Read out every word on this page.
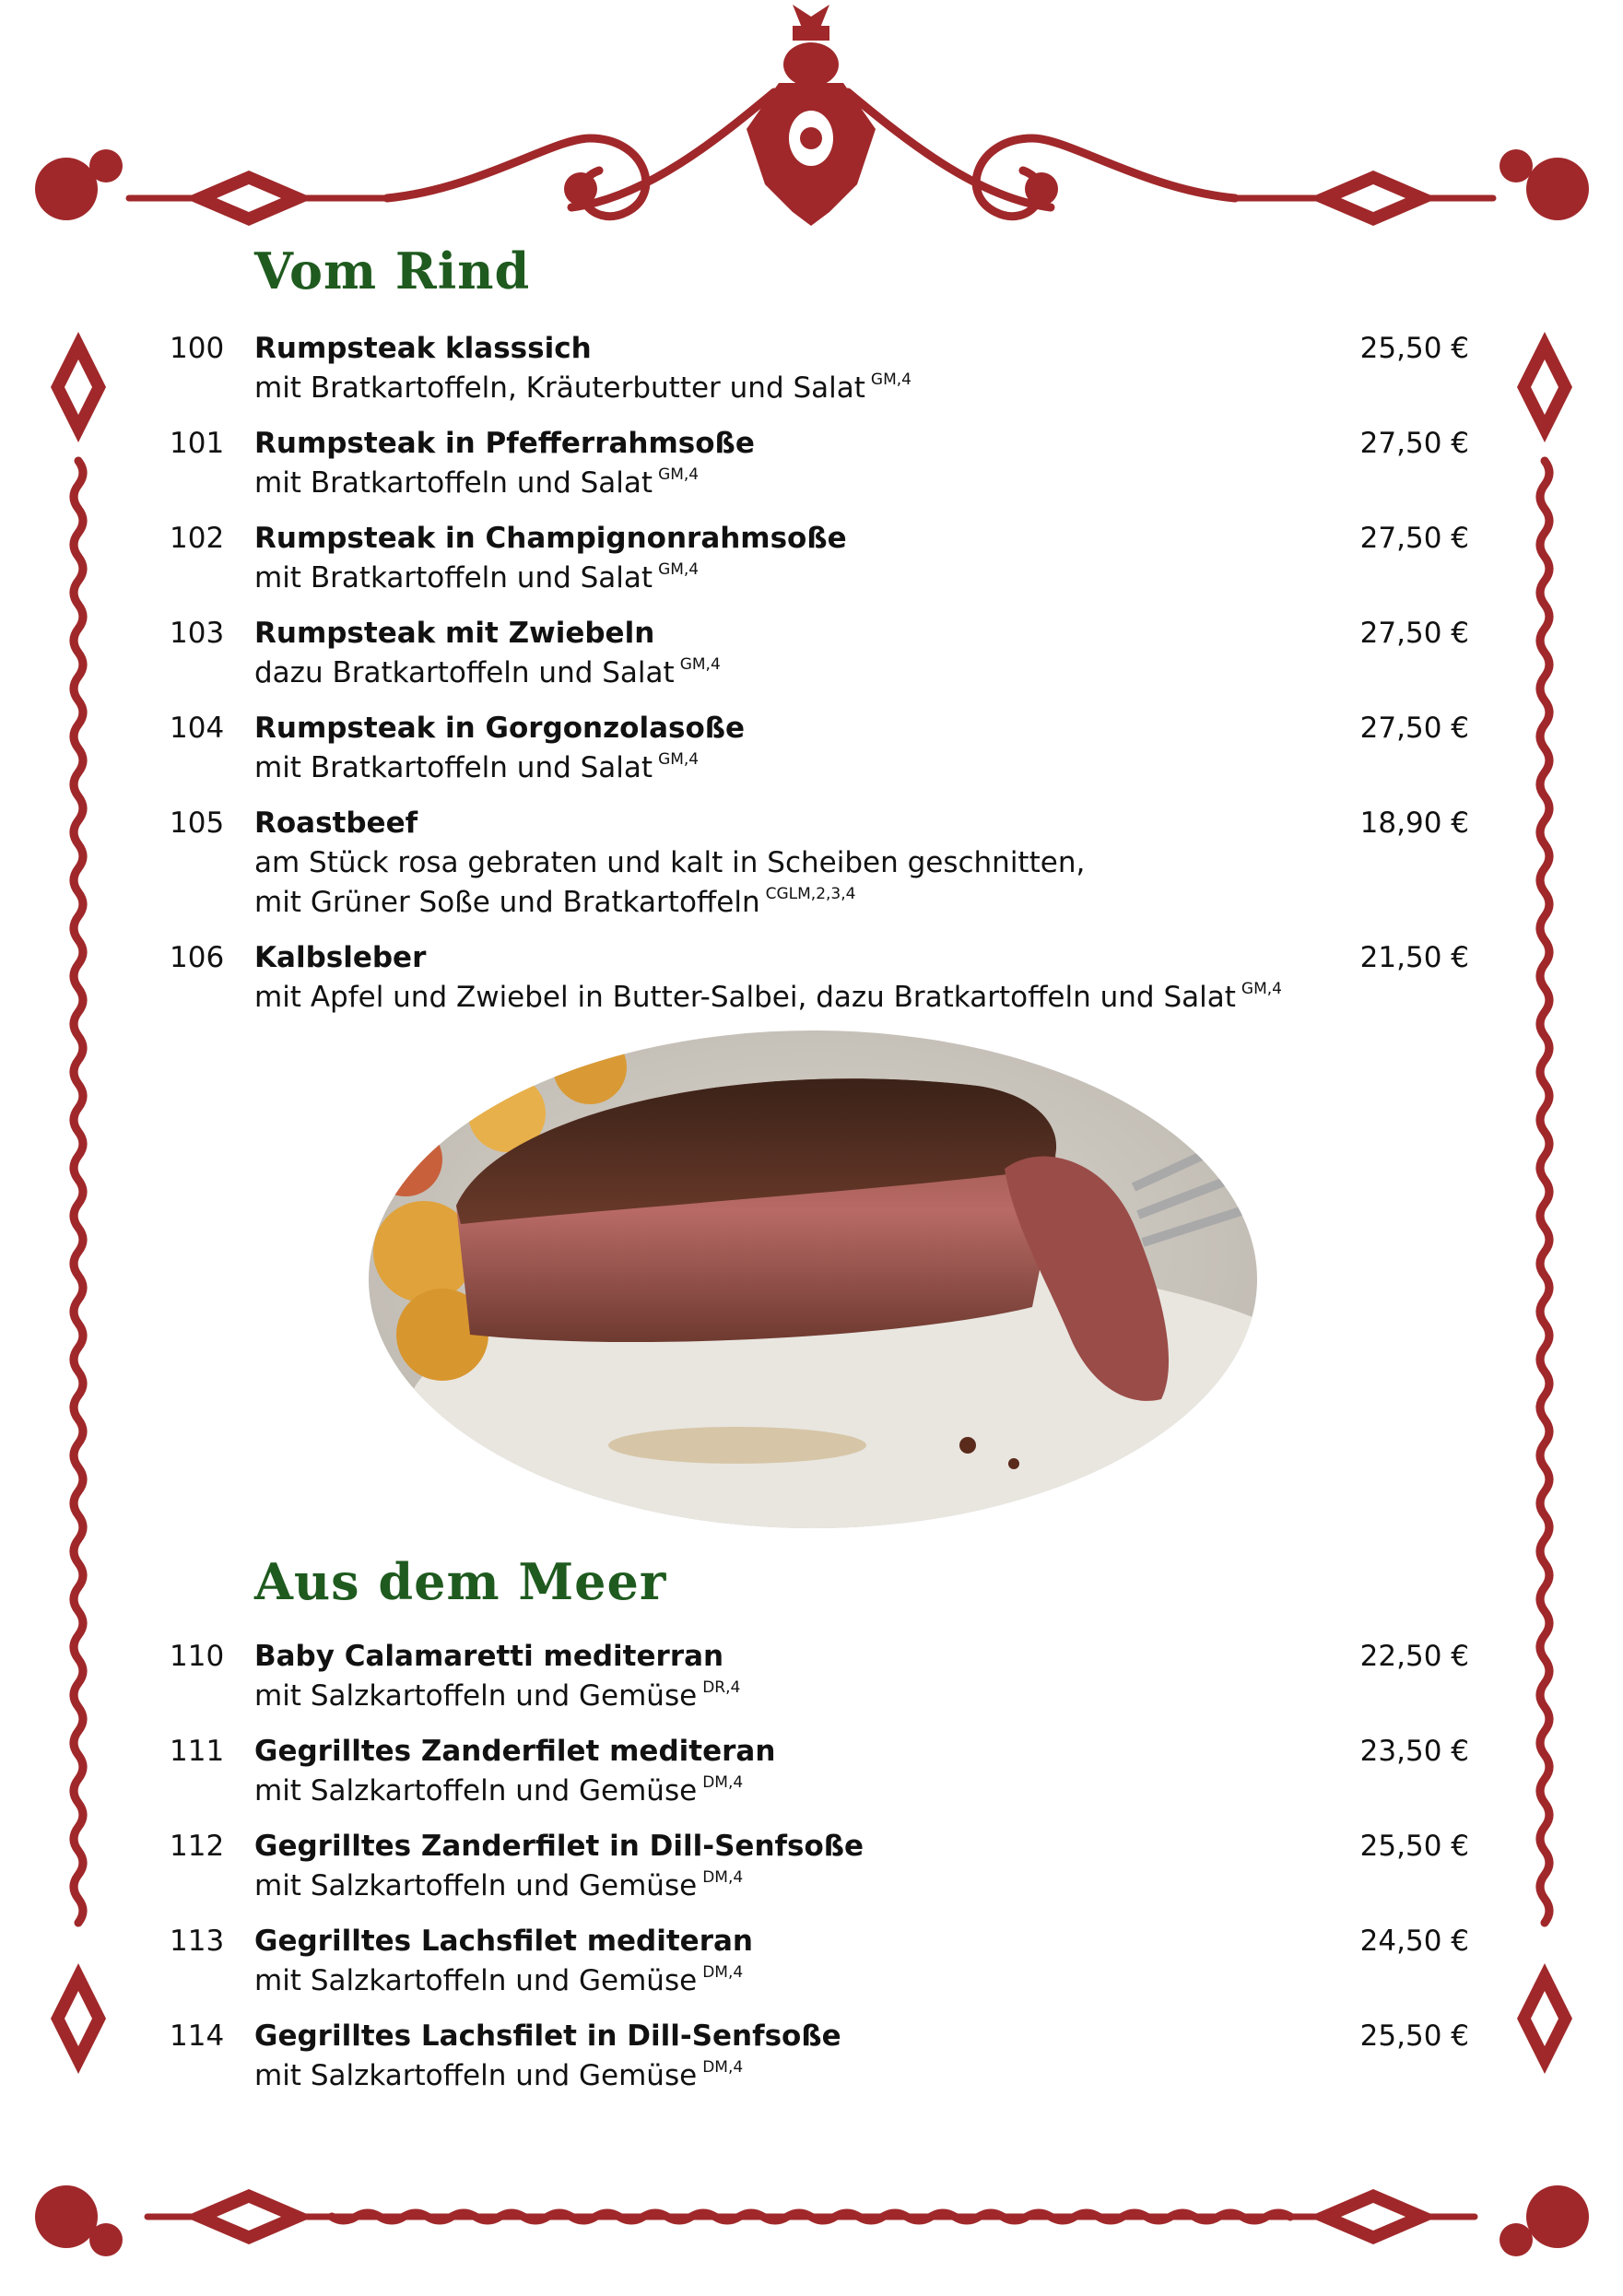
Vom Rind
100	Rumpsteak klasssich	25,50 €
mit Bratkartoffeln, Kräuterbutter und Salat $^{GM,4}$
101	Rumpsteak in Pfefferrahmsoße	27,50 €
mit Bratkartoffeln und Salat $^{GM,4}$
102	Rumpsteak in Champignonrahmsoße	27,50 €
mit Bratkartoffeln und Salat $^{GM,4}$
103	Rumpsteak mit Zwiebeln	27,50 €
dazu Bratkartoffeln und Salat $^{GM,4}$
104	Rumpsteak in Gorgonzolasoße	27,50 €
mit Bratkartoffeln und Salat $^{GM,4}$
105	Roastbeef	18,90 €
am Stück rosa gebraten und kalt in Scheiben geschnitten,
mit Grüner Soße und Bratkartoffeln $^{CGLM,2,3,4}$
106	Kalbsleber	21,50 €
mit Apfel und Zwiebel in Butter-Salbei, dazu Bratkartoffeln und Salat $^{GM,4}$
Aus dem Meer
110	Baby Calamaretti mediterran	22,50 €
mit Salzkartoffeln und Gemüse $^{DR,4}$
111	Gegrilltes Zanderfilet mediteran	23,50 €
mit Salzkartoffeln und Gemüse $^{DM,4}$
112	Gegrilltes Zanderfilet in Dill-Senfsoße	25,50 €
mit Salzkartoffeln und Gemüse $^{DM,4}$
113	Gegrilltes Lachsfilet mediteran	24,50 €
mit Salzkartoffeln und Gemüse $^{DM,4}$
114	Gegrilltes Lachsfilet in Dill-Senfsoße	25,50 €
mit Salzkartoffeln und Gemüse $^{DM,4}$
